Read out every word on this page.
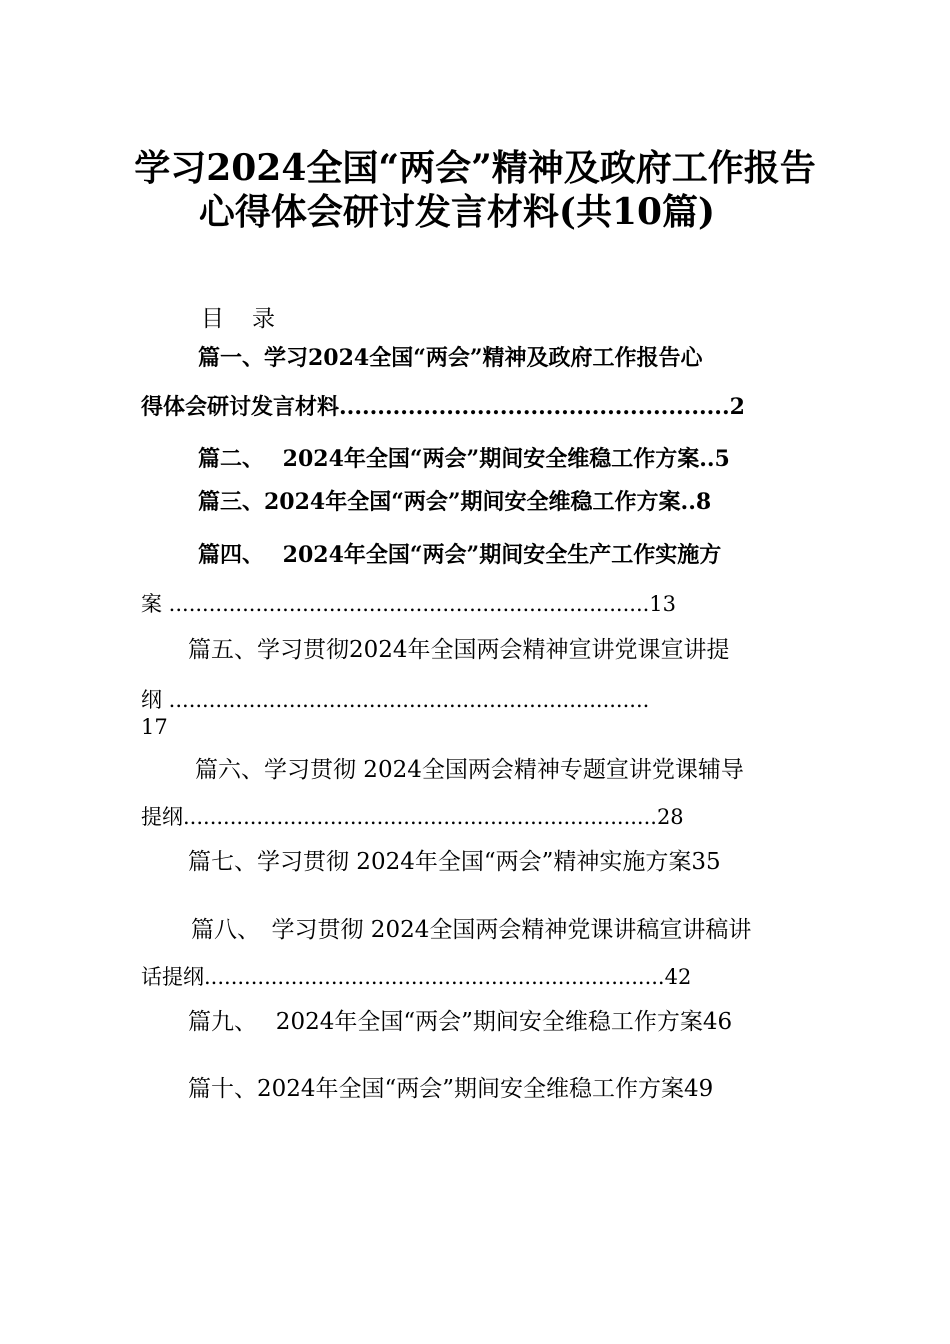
学习2024全国“两会”精神及政府工作报告
心得体会研讨发言材料(共10篇)
目录
篇一、学习2024全国“两会”精神及政府工作报告心
得体会研讨发言材料...................................................2
篇二、　 2024年全国“两会”期间安全维稳工作方案..5
篇三、2024年全国“两会”期间安全维稳工作方案..8
篇四、　 2024年全国“两会”期间安全生产工作实施方
案 ........................................................................13
篇五、学习贯彻2024年全国两会精神宣讲党课宣讲提
纲 ........................................................................
17
篇六、学习贯彻 2024全国两会精神专题宣讲党课辅导
提纲.......................................................................28
篇七、学习贯彻 2024年全国“两会”精神实施方案35
篇八、　学习贯彻 2024全国两会精神党课讲稿宣讲稿讲
话提纲.....................................................................42
篇九、　 2024年全国“两会”期间安全维稳工作方案46
篇十、2024年全国“两会”期间安全维稳工作方案49
